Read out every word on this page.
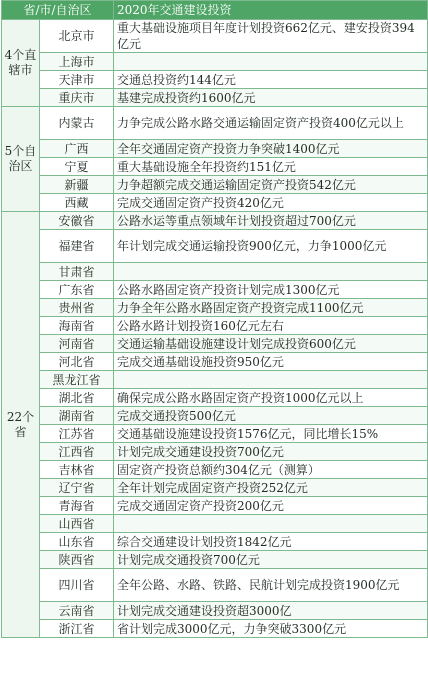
省/市/自治区		2020年交通建设投资
4个直辖市	北京市	重大基础设施项目年度计划投资662亿元、建安投资394亿元
	上海市	
	天津市	交通总投资约144亿元
	重庆市	基建完成投资约1600亿元
5个自治区	内蒙古	力争完成公路水路交通运输固定资产投资400亿元以上
	广西	全年交通固定资产投资力争突破1400亿元
	宁夏	重大基础设施全年投资约151亿元
	新疆	力争超额完成交通运输固定资产投资542亿元
	西藏	完成交通固定资产投资420亿元
22个省	安徽省	公路水运等重点领域年计划投资超过700亿元
	福建省	年计划完成交通运输投资900亿元，力争1000亿元
	甘肃省	
	广东省	公路水路固定资产投资计划完成1300亿元
	贵州省	力争全年公路水路固定资产投资完成1100亿元
	海南省	公路水路计划投资160亿元左右
	河南省	交通运输基础设施建设计划完成投资600亿元
	河北省	完成交通基础设施投资950亿元
	黑龙江省	
	湖北省	确保完成公路水路固定资产投资1000亿元以上
	湖南省	完成交通投资500亿元
	江苏省	交通基础设施建设投资1576亿元，同比增长15%
	江西省	计划完成交通建设投资700亿元
	吉林省	固定资产投资总额约304亿元（测算）
	辽宁省	全年计划完成固定资产投资252亿元
	青海省	完成交通固定资产投资200亿元
	山西省	
	山东省	综合交通建设计划投资1842亿元
	陕西省	计划完成交通投资700亿元
	四川省	全年公路、水路、铁路、民航计划完成投资1900亿元
	云南省	计划完成交通建设投资超3000亿
	浙江省	省计划完成3000亿元，力争突破3300亿元
